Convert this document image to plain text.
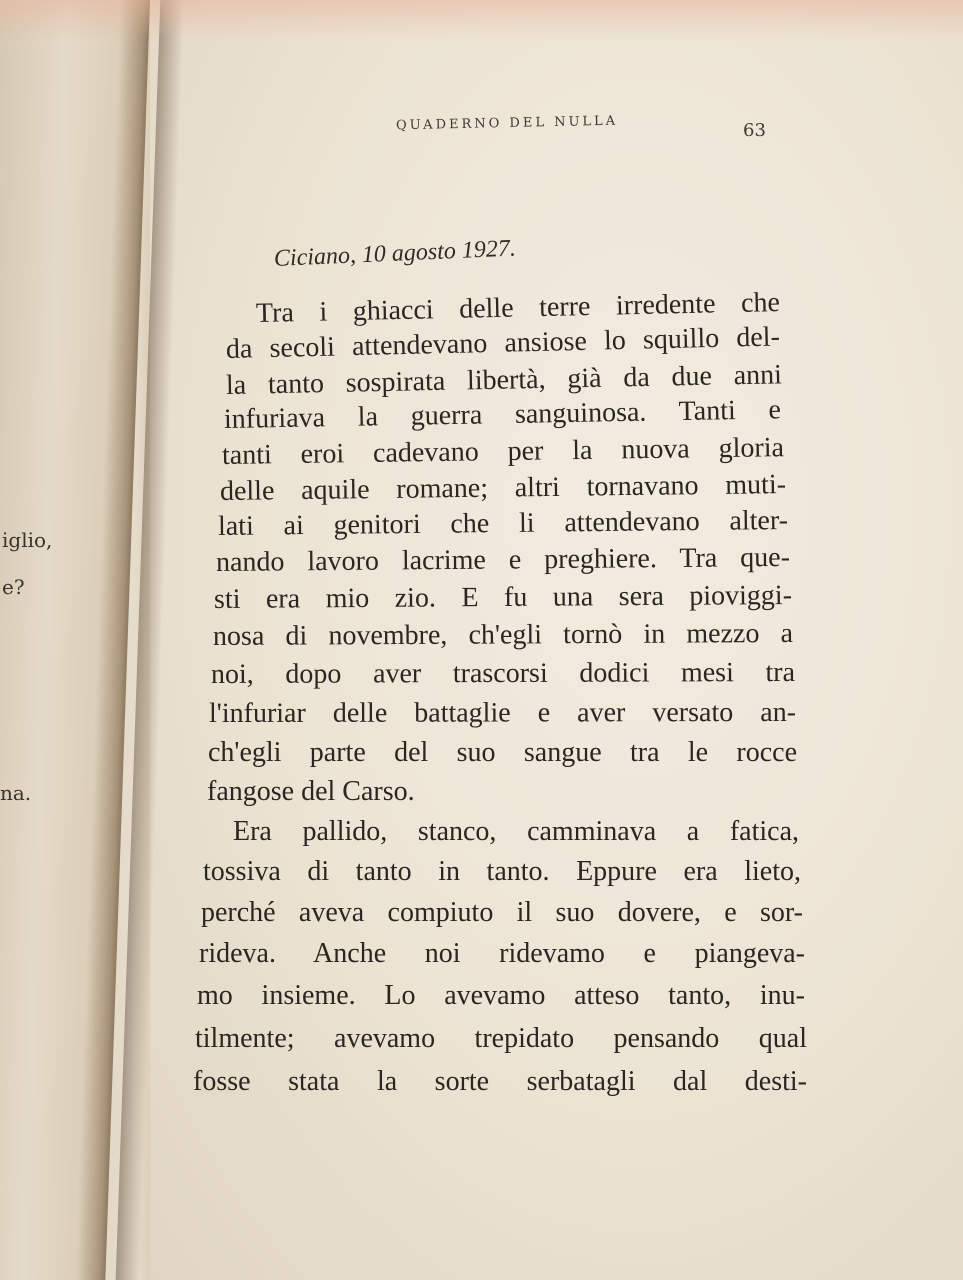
iglio,
e?
na.
QUADERNO DEL NULLA	63
Ciciano, 10 agosto 1927.
Tra i ghiacci delle terre irredente che
da secoli attendevano ansiose lo squillo del-
la tanto sospirata libertà, già da due anni
infuriava la guerra sanguinosa. Tanti e
tanti eroi cadevano per la nuova gloria
delle aquile romane; altri tornavano muti-
lati ai genitori che li attendevano alter-
nando lavoro lacrime e preghiere. Tra que-
sti era mio zio. E fu una sera pioviggi-
nosa di novembre, ch'egli tornò in mezzo a
noi, dopo aver trascorsi dodici mesi tra
l'infuriar delle battaglie e aver versato an-
ch'egli parte del suo sangue tra le rocce
fangose del Carso.
Era pallido, stanco, camminava a fatica,
tossiva di tanto in tanto. Eppure era lieto,
perché aveva compiuto il suo dovere, e sor-
rideva. Anche noi ridevamo e piangeva-
mo insieme. Lo avevamo atteso tanto, inu-
tilmente; avevamo trepidato pensando qual
fosse stata la sorte serbatagli dal desti-
